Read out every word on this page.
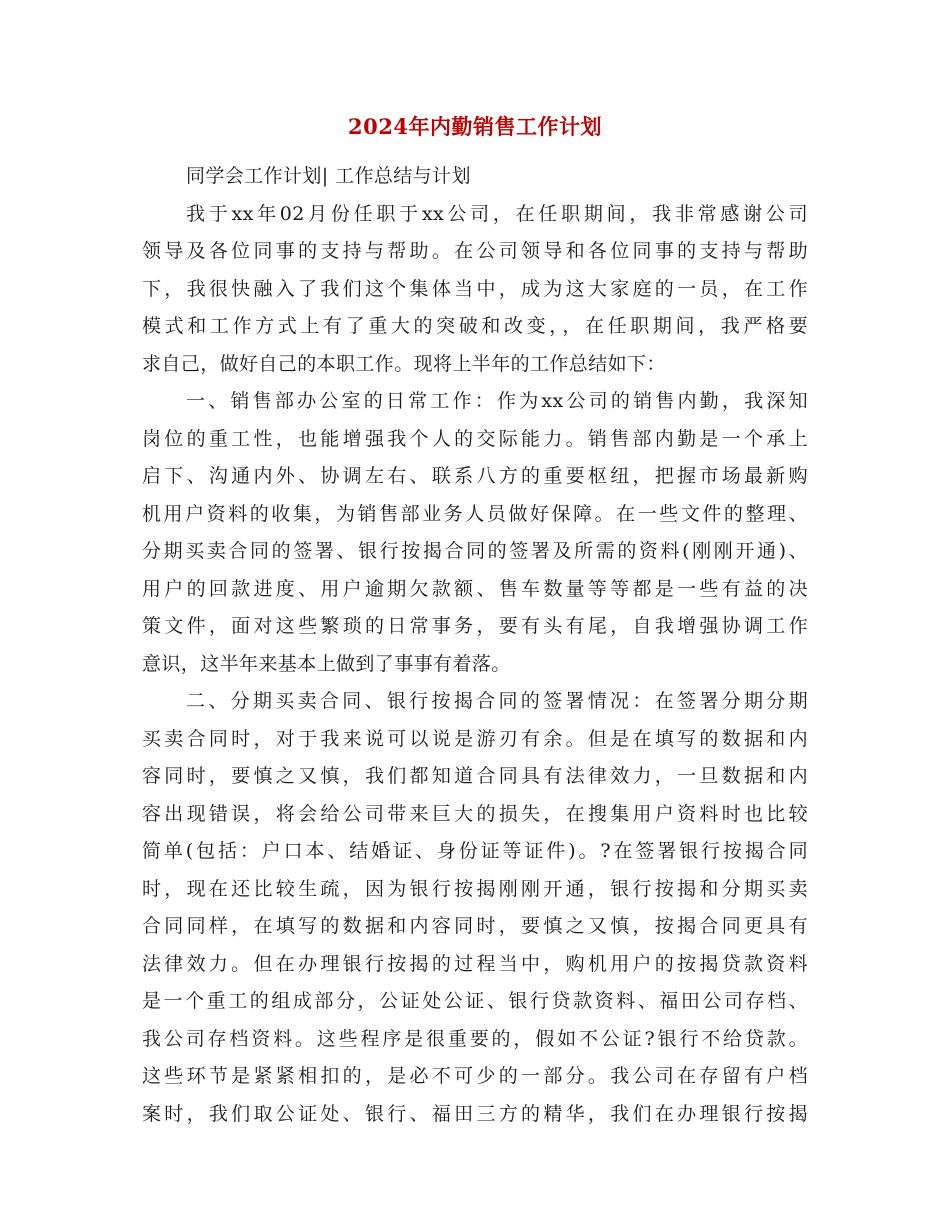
2024年内勤销售工作计划
同学会工作计划| 工作总结与计划
我于xx年02月份任职于xx公司，在任职期间，我非常感谢公司
领导及各位同事的支持与帮助。在公司领导和各位同事的支持与帮助
下，我很快融入了我们这个集体当中，成为这大家庭的一员，在工作
模式和工作方式上有了重大的突破和改变，，在任职期间，我严格要
求自己，做好自己的本职工作。现将上半年的工作总结如下：
一、销售部办公室的日常工作：作为xx公司的销售内勤，我深知
岗位的重工性，也能增强我个人的交际能力。销售部内勤是一个承上
启下、沟通内外、协调左右、联系八方的重要枢纽，把握市场最新购
机用户资料的收集，为销售部业务人员做好保障。在一些文件的整理、
分期买卖合同的签署、银行按揭合同的签署及所需的资料(刚刚开通)、
用户的回款进度、用户逾期欠款额、售车数量等等都是一些有益的决
策文件，面对这些繁琐的日常事务，要有头有尾，自我增强协调工作
意识，这半年来基本上做到了事事有着落。
二、分期买卖合同、银行按揭合同的签署情况：在签署分期分期
买卖合同时，对于我来说可以说是游刃有余。但是在填写的数据和内
容同时，要慎之又慎，我们都知道合同具有法律效力，一旦数据和内
容出现错误，将会给公司带来巨大的损失，在搜集用户资料时也比较
简单(包括：户口本、结婚证、身份证等证件)。?在签署银行按揭合同
时，现在还比较生疏，因为银行按揭刚刚开通，银行按揭和分期买卖
合同同样，在填写的数据和内容同时，要慎之又慎，按揭合同更具有
法律效力。但在办理银行按揭的过程当中，购机用户的按揭贷款资料
是一个重工的组成部分，公证处公证、银行贷款资料、福田公司存档、
我公司存档资料。这些程序是很重要的，假如不公证?银行不给贷款。
这些环节是紧紧相扣的，是必不可少的一部分。我公司在存留有户档
案时，我们取公证处、银行、福田三方的精华，我们在办理银行按揭
